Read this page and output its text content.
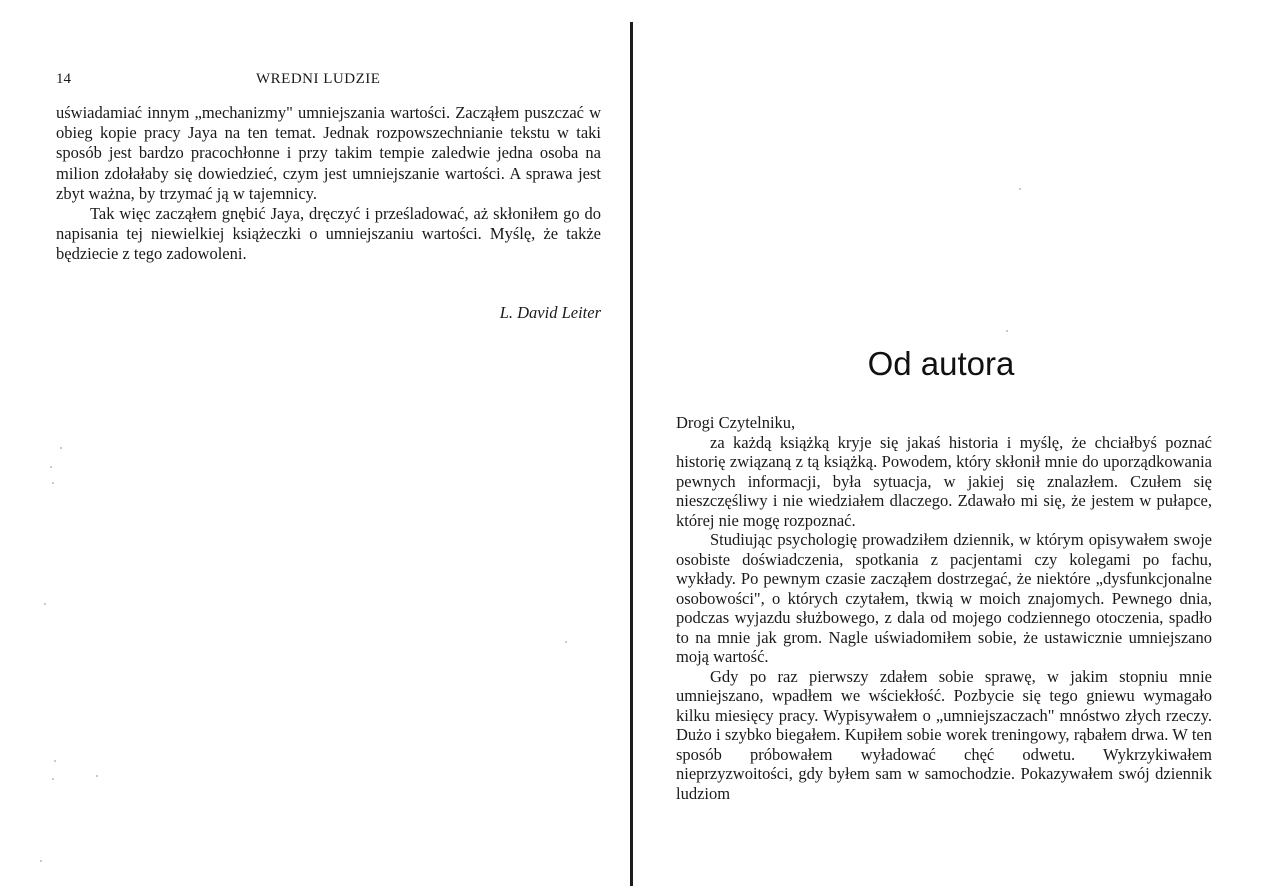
14	WREDNI LUDZIE

uświadamiać innym „mechanizmy" umniejszania wartości. Zacząłem puszczać w obieg kopie pracy Jaya na ten temat. Jednak rozpowszechnianie tekstu w taki sposób jest bardzo pracochłonne i przy takim tempie zaledwie jedna osoba na milion zdołałaby się dowiedzieć, czym jest umniejszanie wartości. A sprawa jest zbyt ważna, by trzymać ją w tajemnicy.

Tak więc zacząłem gnębić Jaya, dręczyć i prześladować, aż skłoniłem go do napisania tej niewielkiej książeczki o umniejszaniu wartości. Myślę, że także będziecie z tego zadowoleni.

L. David Leiter
Od autora

Drogi Czytelniku,

za każdą książką kryje się jakaś historia i myślę, że chciałbyś poznać historię związaną z tą książką. Powodem, który skłonił mnie do uporządkowania pewnych informacji, była sytuacja, w jakiej się znalazłem. Czułem się nieszczęśliwy i nie wiedziałem dlaczego. Zdawało mi się, że jestem w pułapce, której nie mogę rozpoznać.

Studiując psychologię prowadziłem dziennik, w którym opisywałem swoje osobiste doświadczenia, spotkania z pacjentami czy kolegami po fachu, wykłady. Po pewnym czasie zacząłem dostrzegać, że niektóre „dysfunkcjonalne osobowości", o których czytałem, tkwią w moich znajomych. Pewnego dnia, podczas wyjazdu służbowego, z dala od mojego codziennego otoczenia, spadło to na mnie jak grom. Nagle uświadomiłem sobie, że ustawicznie umniejszano moją wartość.

Gdy po raz pierwszy zdałem sobie sprawę, w jakim stopniu mnie umniejszano, wpadłem we wściekłość. Pozbycie się tego gniewu wymagało kilku miesięcy pracy. Wypisywałem o „umniejszaczach" mnóstwo złych rzeczy. Dużo i szybko biegałem. Kupiłem sobie worek treningowy, rąbałem drwa. W ten sposób próbowałem wyładować chęć odwetu. Wykrzykiwałem nieprzyzwoitości, gdy byłem sam w samochodzie. Pokazywałem swój dziennik ludziom
